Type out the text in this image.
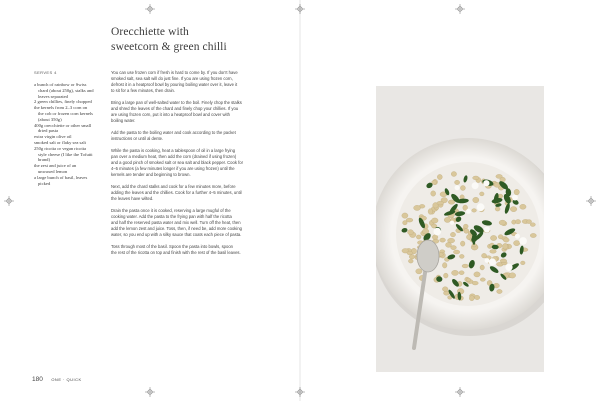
Orecchiette with
sweetcorn & green chilli
SERVES 4
a bunch of rainbow or Swiss
chard (about 250g), stalks and
leaves separated
2 green chillies, finely chopped
the kernels from 2–3 corn on
the cob or frozen corn kernels
(about 350g)
400g orecchiette or other small
dried pasta
extra virgin olive oil
smoked salt or flaky sea salt
250g ricotta or vegan ricotta
style cheese (I like the Tofutti
brand)
the zest and juice of an
unwaxed lemon
a large bunch of basil, leaves
picked
You can use frozen corn if fresh is hard to come by. If you don't have
smoked salt, sea salt will do just fine. If you are using frozen corn,
defrost it in a heatproof bowl by pouring boiling water over it, leave it
to sit for a few minutes, then drain.
Bring a large pan of well-salted water to the boil. Finely chop the stalks
and shred the leaves of the chard and finely chop your chillies. If you
are using frozen corn, put it into a heatproof bowl and cover with
boiling water.
Add the pasta to the boiling water and cook according to the packet
instructions or until al dente.
While the pasta is cooking, heat a tablespoon of oil in a large frying
pan over a medium heat, then add the corn (drained if using frozen)
and a good pinch of smoked salt or sea salt and black pepper. Cook for
4–5 minutes (a few minutes longer if you are using frozen) until the
kernels are tender and beginning to brown.
Next, add the chard stalks and cook for a few minutes more, before
adding the leaves and the chillies. Cook for a further 4–5 minutes, until
the leaves have wilted.
Drain the pasta once it is cooked, reserving a large mugful of the
cooking water. Add the pasta to the frying pan with half the ricotta
and half the reserved pasta water and mix well. Turn off the heat, then
add the lemon zest and juice. Toss, then, if need be, add more cooking
water, so you end up with a silky sauce that coats each piece of pasta.
Toss through most of the basil. Spoon the pasta into bowls, spoon
the rest of the ricotta on top and finish with the rest of the basil leaves.
180 ONE · QUICK
